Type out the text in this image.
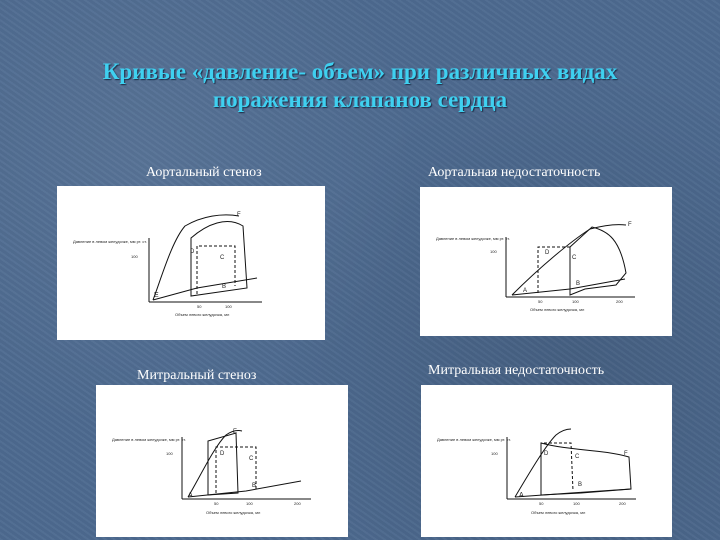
Кривые «давление- объем» при различных видах
поражения клапанов сердца
Аортальный стеноз
Давление в левом желудочке, мм рт. ст.
100
50	100
Объем левого желудочка, мл
F
D
C
B
E
Аортальная недостаточность
Давление в левом желудочке, мм рт. ст.
100
50	100	200
Объем левого желудочка, мл
F
D
C
B
A
Митральный стеноз
Давление в левом желудочке, мм рт. ст.
100
50	100	200
Объем левого желудочка, мл
E
D
C
B
A
Митральная недостаточность
Давление в левом желудочке, мм рт. ст.
100
50	100	200
Объем левого желудочка, мл
F
D	C
B
A
